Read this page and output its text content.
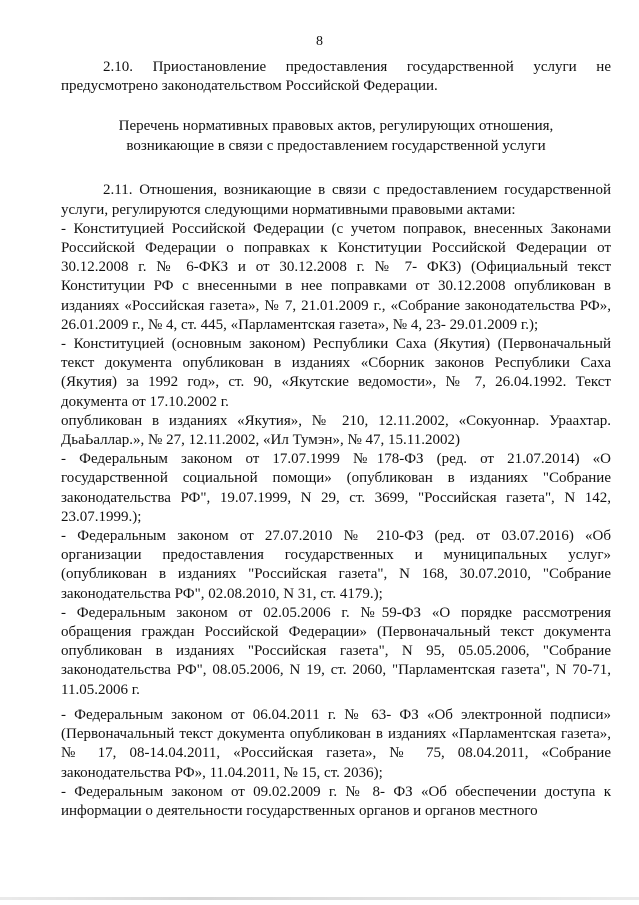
8

2.10. Приостановление предоставления государственной услуги не предусмотрено законодательством Российской Федерации.

Перечень нормативных правовых актов, регулирующих отношения,
возникающие в связи с предоставлением государственной услуги

2.11. Отношения, возникающие в связи с предоставлением государственной услуги, регулируются следующими нормативными правовыми актами:

- Конституцией Российской Федерации (с учетом поправок, внесенных Законами Российской Федерации о поправках к Конституции Российской Федерации от 30.12.2008 г. № 6-ФКЗ и от 30.12.2008 г. № 7- ФКЗ) (Официальный текст Конституции РФ с внесенными в нее поправками от 30.12.2008 опубликован в изданиях «Российская газета», № 7, 21.01.2009 г., «Собрание законодательства РФ», 26.01.2009 г., № 4, ст. 445, «Парламентская газета», № 4, 23- 29.01.2009 г.);

- Конституцией (основным законом) Республики Саха (Якутия) (Первоначальный текст документа опубликован в изданиях «Сборник законов Республики Саха (Якутия) за 1992 год», ст. 90, «Якутские ведомости», № 7, 26.04.1992. Текст документа от 17.10.2002 г.

опубликован в изданиях «Якутия», № 210, 12.11.2002, «Сокуоннар. Ураахтар. ДьаЬаллар.», № 27, 12.11.2002, «Ил Тумэн», № 47, 15.11.2002)

- Федеральным законом от 17.07.1999 №178-ФЗ (ред. от 21.07.2014) «О государственной социальной помощи» (опубликован в изданиях "Собрание законодательства РФ", 19.07.1999, N 29, ст. 3699, "Российская газета", N 142, 23.07.1999.);

- Федеральным законом от 27.07.2010 № 210-ФЗ (ред. от 03.07.2016) «Об организации предоставления государственных и муниципальных услуг» (опубликован в изданиях "Российская газета", N 168, 30.07.2010, "Собрание законодательства РФ", 02.08.2010, N 31, ст. 4179.);

- Федеральным законом от 02.05.2006 г. №59-ФЗ «О порядке рассмотрения обращения граждан Российской Федерации» (Первоначальный текст документа опубликован в изданиях "Российская газета", N 95, 05.05.2006, "Собрание законодательства РФ", 08.05.2006, N 19, ст. 2060, "Парламентская газета", N 70-71, 11.05.2006 г.

- Федеральным законом от 06.04.2011 г. № 63- ФЗ «Об электронной подписи» (Первоначальный текст документа опубликован в изданиях «Парламентская газета», № 17, 08-14.04.2011, «Российская газета», № 75, 08.04.2011, «Собрание законодательства РФ», 11.04.2011, № 15, ст. 2036);

- Федеральным законом от 09.02.2009 г. № 8- ФЗ «Об обеспечении доступа к информации о деятельности государственных органов и органов местного
